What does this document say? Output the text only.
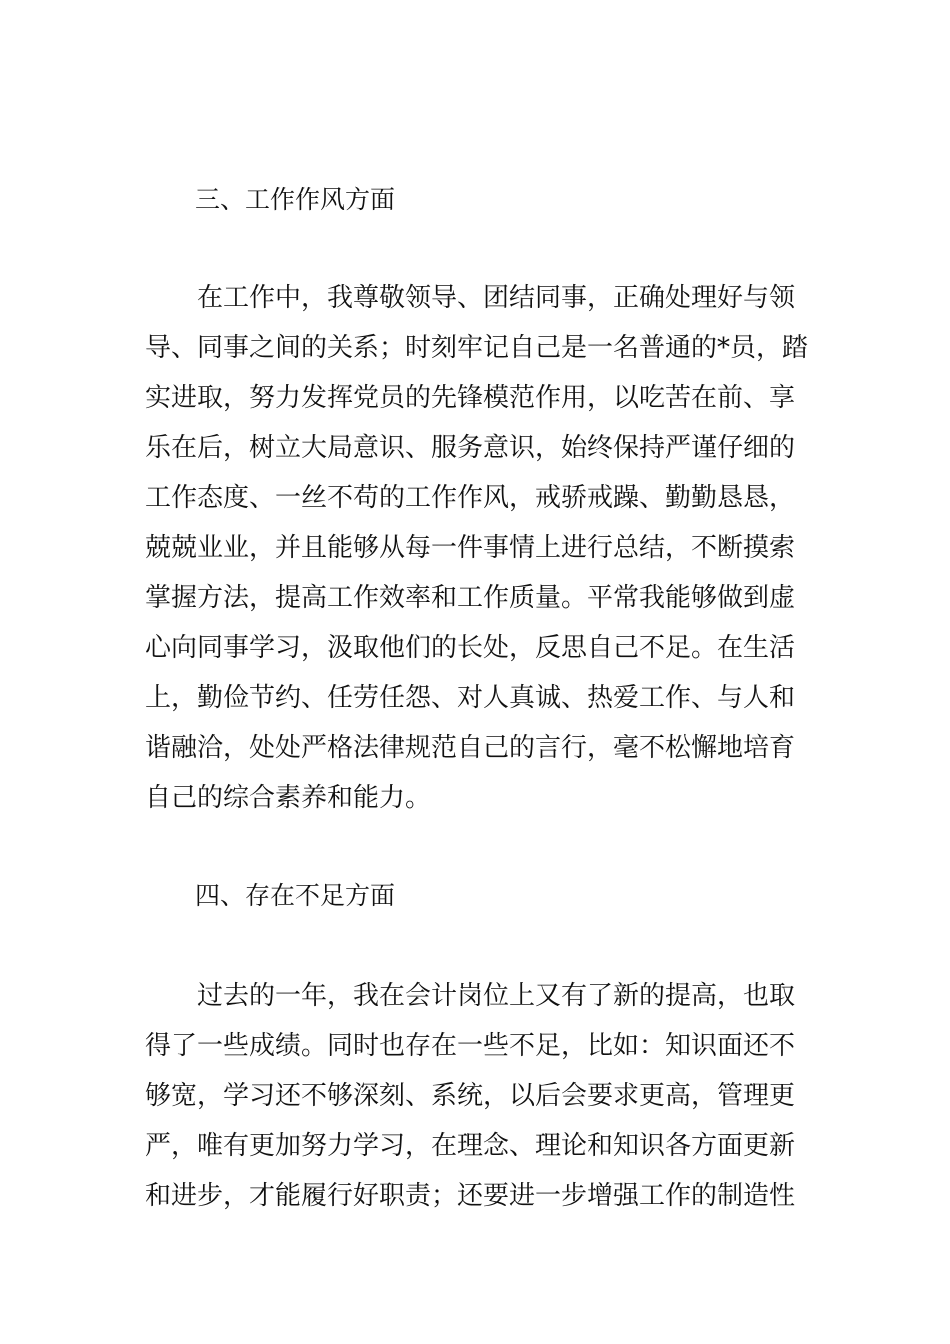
三、工作作风方面
在工作中，我尊敬领导、团结同事，正确处理好与领
导、同事之间的关系；时刻牢记自己是一名普通的*员，踏
实进取，努力发挥党员的先锋模范作用，以吃苦在前、享
乐在后，树立大局意识、服务意识，始终保持严谨仔细的
工作态度、一丝不苟的工作作风，戒骄戒躁、勤勤恳恳，
兢兢业业，并且能够从每一件事情上进行总结，不断摸索
掌握方法，提高工作效率和工作质量。平常我能够做到虚
心向同事学习，汲取他们的长处，反思自己不足。在生活
上，勤俭节约、任劳任怨、对人真诚、热爱工作、与人和
谐融洽，处处严格法律规范自己的言行，毫不松懈地培育
自己的综合素养和能力。
四、存在不足方面
过去的一年，我在会计岗位上又有了新的提高，也取
得了一些成绩。同时也存在一些不足，比如：知识面还不
够宽，学习还不够深刻、系统，以后会要求更高，管理更
严，唯有更加努力学习，在理念、理论和知识各方面更新
和进步，才能履行好职责；还要进一步增强工作的制造性
